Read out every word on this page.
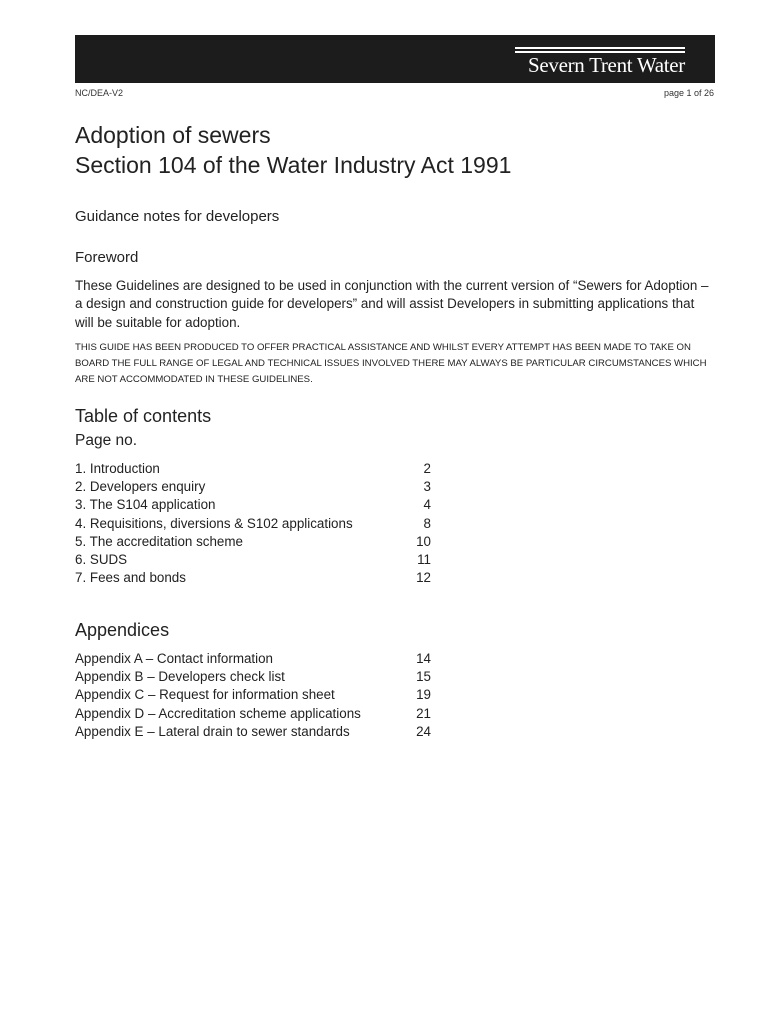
Severn Trent Water
NC/DEA-V2	page 1 of 26
Adoption of sewers
Section 104 of the Water Industry Act 1991
Guidance notes for developers
Foreword

These Guidelines are designed to be used in conjunction with the current version of “Sewers for Adoption – a design and construction guide for developers” and will assist Developers in submitting applications that will be suitable for adoption.

THIS GUIDE HAS BEEN PRODUCED TO OFFER PRACTICAL ASSISTANCE AND WHILST EVERY ATTEMPT HAS BEEN MADE TO TAKE ON BOARD THE FULL RANGE OF LEGAL AND TECHNICAL ISSUES INVOLVED THERE MAY ALWAYS BE PARTICULAR CIRCUMSTANCES WHICH ARE NOT ACCOMMODATED IN THESE GUIDELINES.

Table of contents
Page no.
1. Introduction	2
2. Developers enquiry	3
3. The S104 application	4
4. Requisitions, diversions & S102 applications	8
5. The accreditation scheme	10
6. SUDS	11
7. Fees and bonds	12
Appendices
Appendix A – Contact information	14
Appendix B – Developers check list	15
Appendix C – Request for information sheet	19
Appendix D – Accreditation scheme applications	21
Appendix E – Lateral drain to sewer standards	24
